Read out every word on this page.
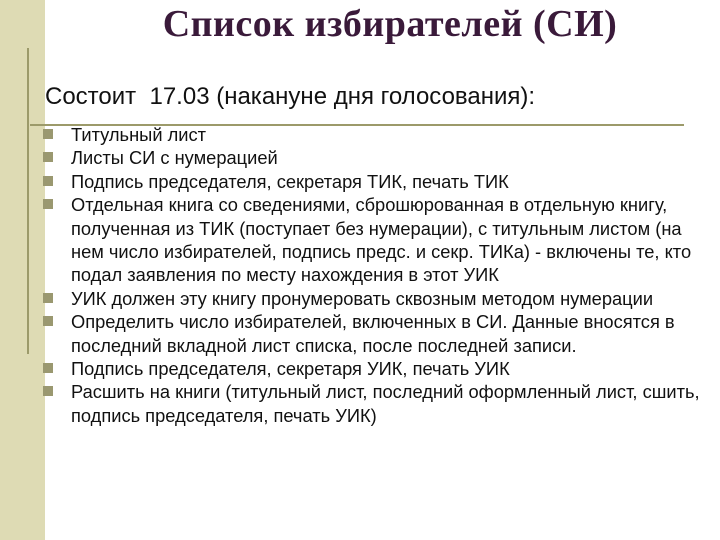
Список избирателей (СИ)
Состоит  17.03 (накануне дня голосования):
Титульный лист
Листы СИ с нумерацией
Подпись председателя, секретаря ТИК, печать ТИК
Отдельная книга со сведениями, сброшюрованная в отдельную книгу, полученная из ТИК (поступает без нумерации), с титульным листом (на нем число избирателей, подпись предс. и секр. ТИКа) - включены те, кто подал заявления по месту нахождения в этот УИК
УИК должен эту книгу пронумеровать сквозным методом нумерации
Определить число избирателей, включенных в СИ. Данные вносятся в последний вкладной лист списка, после последней записи.
Подпись председателя, секретаря УИК, печать УИК
Расшить на книги (титульный лист, последний оформленный лист, сшить, подпись председателя, печать УИК)
